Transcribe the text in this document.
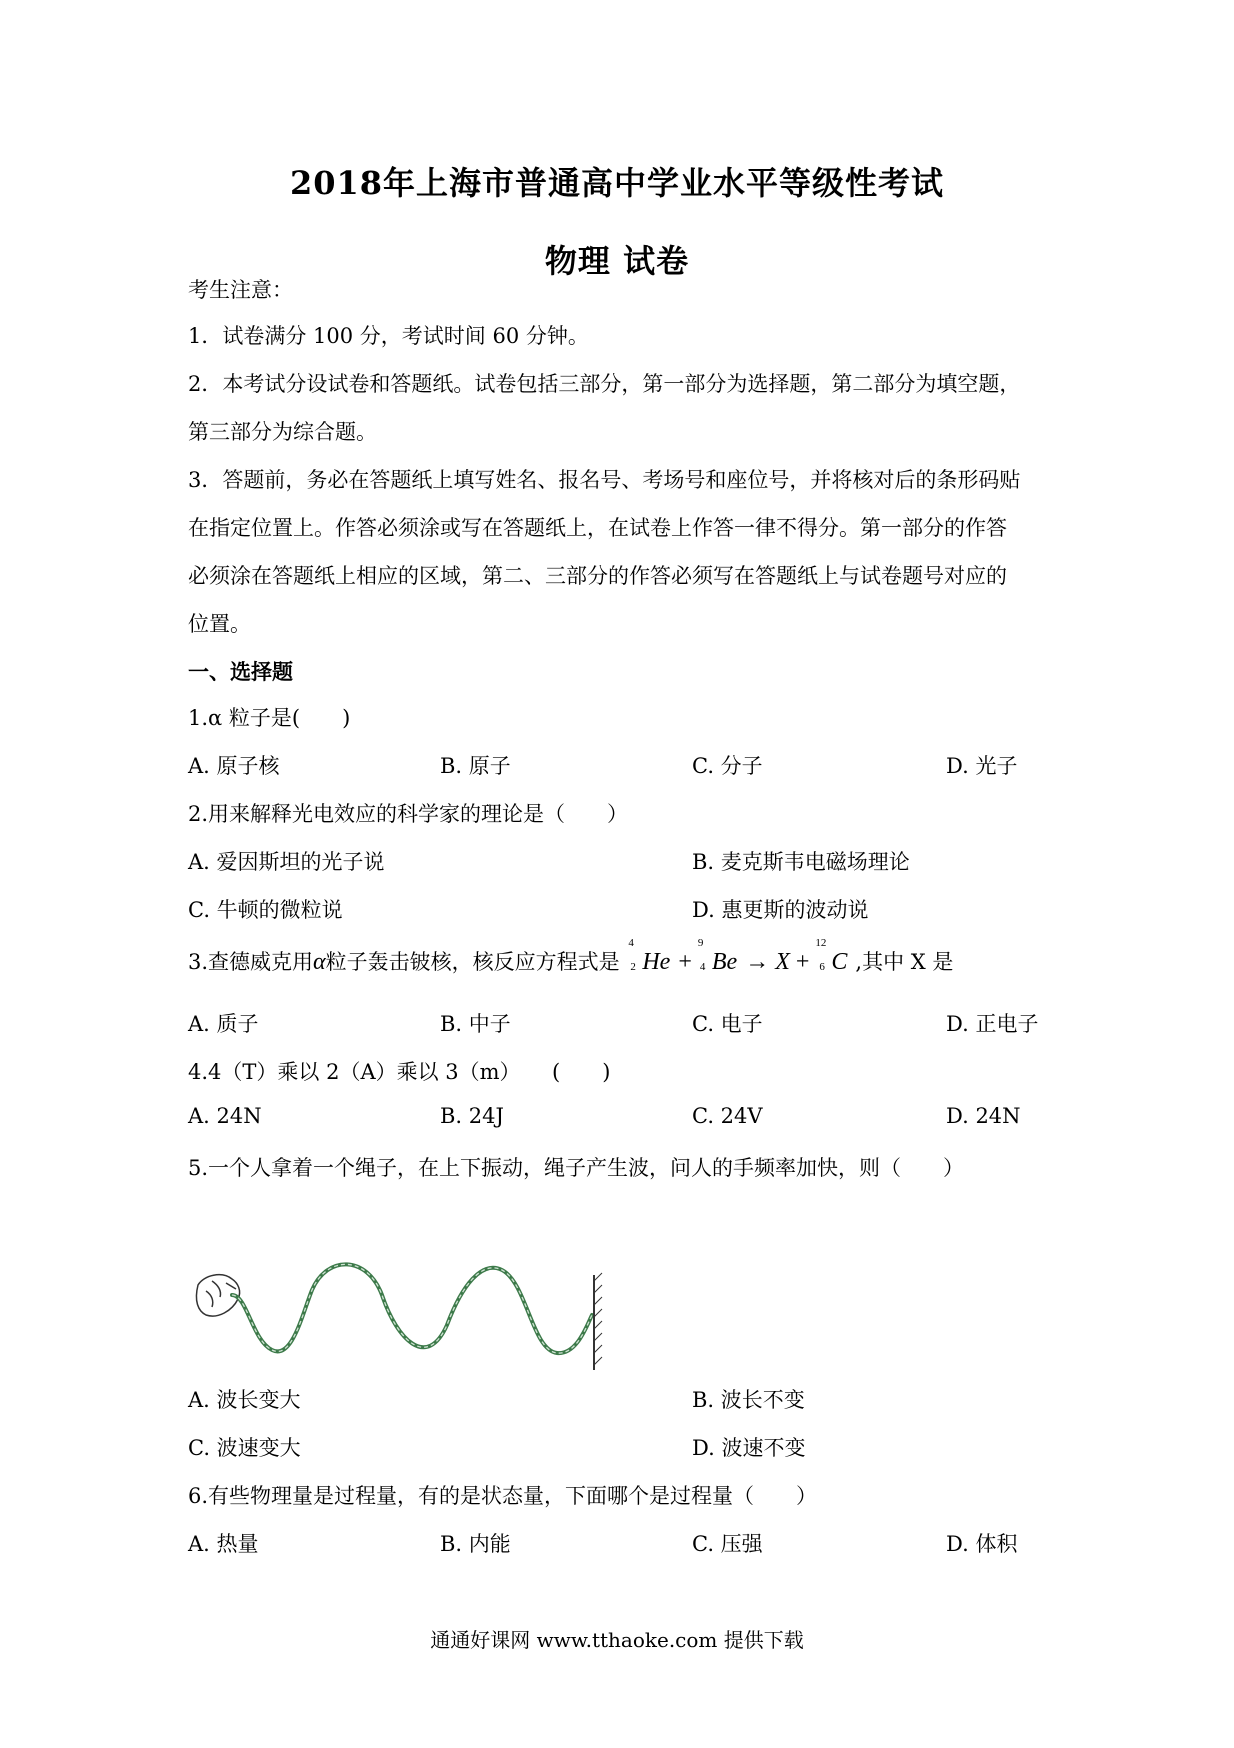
2018年上海市普通高中学业水平等级性考试
物理 试卷
考生注意：
1．试卷满分 100 分，考试时间 60 分钟。
2．本考试分设试卷和答题纸。试卷包括三部分，第一部分为选择题，第二部分为填空题，
第三部分为综合题。
3．答题前，务必在答题纸上填写姓名、报名号、考场号和座位号，并将核对后的条形码贴
在指定位置上。作答必须涂或写在答题纸上，在试卷上作答一律不得分。第一部分的作答
必须涂在答题纸上相应的区域，第二、三部分的作答必须写在答题纸上与试卷题号对应的
位置。
一、选择题
1.α 粒子是(　　)
A. 原子核	B. 原子	C. 分子	D. 光子
2.用来解释光电效应的科学家的理论是（　　）
A. 爱因斯坦的光子说	B. 麦克斯韦电磁场理论
C. 牛顿的微粒说	D. 惠更斯的波动说
3.查德威克用α粒子轰击铍核，核反应方程式是
4
2 He +
9
4 Be → X +
12
6 C ,其中 X 是
A. 质子	B. 中子	C. 电子	D. 正电子
4.4（T）乘以 2（A）乘以 3（m）　　(　　)
A. 24N	B. 24J	C. 24V	D. 24N
5.一个人拿着一个绳子，在上下振动，绳子产生波，问人的手频率加快，则（　　）
A. 波长变大	B. 波长不变
C. 波速变大	D. 波速不变
6.有些物理量是过程量，有的是状态量，下面哪个是过程量（　　）
A. 热量	B. 内能	C. 压强	D. 体积
通通好课网 www.tthaoke.com 提供下载
